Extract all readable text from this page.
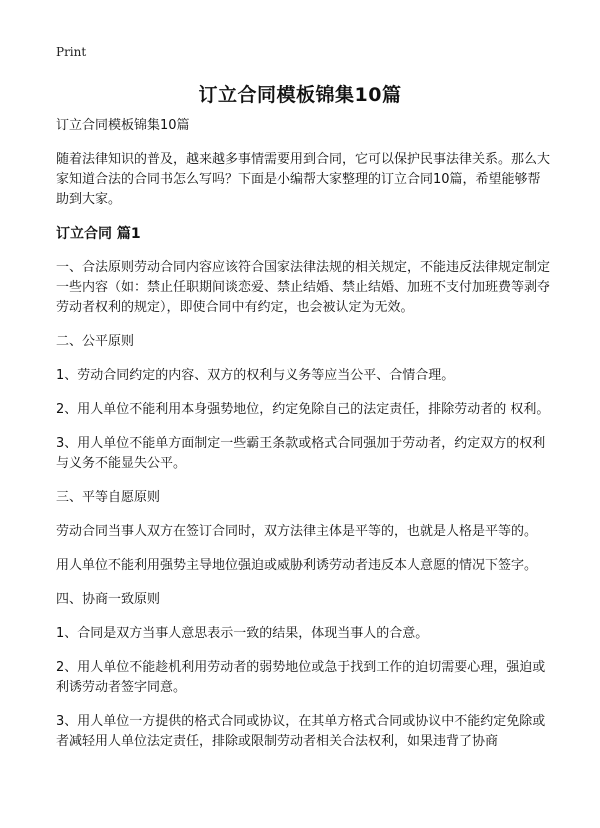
Print
订立合同模板锦集10篇
订立合同模板锦集10篇

随着法律知识的普及，越来越多事情需要用到合同，它可以保护民事法律关系。那么大家知道合法的合同书怎么写吗？下面是小编帮大家整理的订立合同10篇，希望能够帮助到大家。

订立合同 篇1

一、合法原则劳动合同内容应该符合国家法律法规的相关规定，不能违反法律规定制定一些内容（如：禁止任职期间谈恋爱、禁止结婚、禁止结婚、加班不支付加班费等剥夺劳动者权利的规定），即使合同中有约定，也会被认定为无效。

二、公平原则

1、劳动合同约定的内容、双方的权利与义务等应当公平、合情合理。

2、用人单位不能利用本身强势地位，约定免除自己的法定责任，排除劳动者的 权利。

3、用人单位不能单方面制定一些霸王条款或格式合同强加于劳动者，约定双方的权利与义务不能显失公平。

三、平等自愿原则

劳动合同当事人双方在签订合同时，双方法律主体是平等的，也就是人格是平等的。

用人单位不能利用强势主导地位强迫或威胁利诱劳动者违反本人意愿的情况下签字。

四、协商一致原则

1、合同是双方当事人意思表示一致的结果，体现当事人的合意。

2、用人单位不能趁机利用劳动者的弱势地位或急于找到工作的迫切需要心理，强迫或利诱劳动者签字同意。

3、用人单位一方提供的格式合同或协议，在其单方格式合同或协议中不能约定免除或者减轻用人单位法定责任，排除或限制劳动者相关合法权利，如果违背了协商
